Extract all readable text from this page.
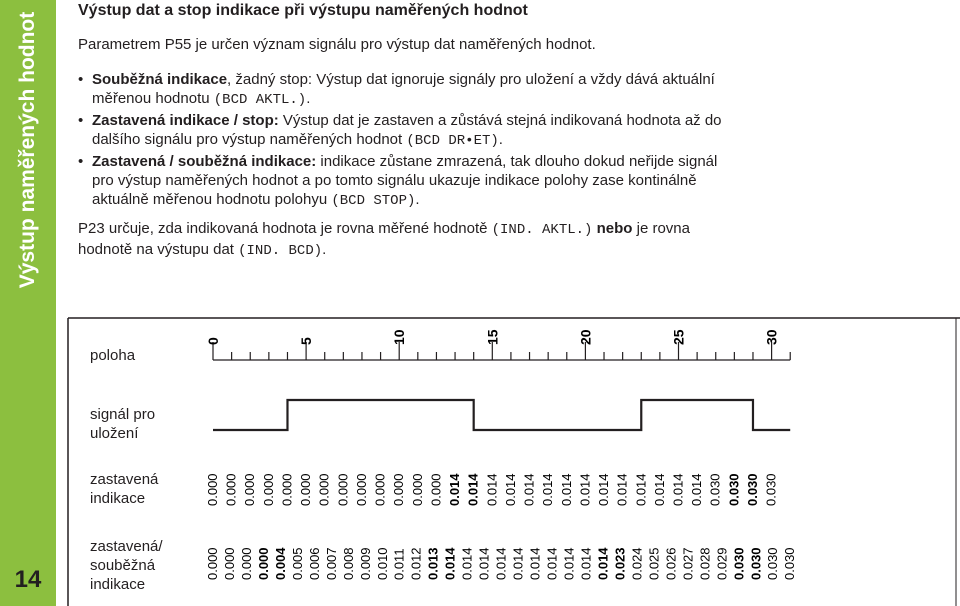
Výstup naměřených hodnot
14
Výstup dat a stop indikace při výstupu naměřených hodnot

Parametrem P55 je určen význam signálu pro výstup dat naměřených hodnot.

• Souběžná indikace, žadný stop: Výstup dat ignoruje signály pro uložení a vždy dává aktuální měřenou hodnotu (BCD AKTL.).
• Zastavená indikace / stop: Výstup dat je zastaven a zůstává stejná indikovaná hodnota až do dalšího signálu pro výstup naměřených hodnot (BCD DR•ET).
• Zastavená / souběžná indikace: indikace zůstane zmrazená, tak dlouho dokud neřijde signál pro výstup naměřených hodnot a po tomto signálu ukazuje indikace polohy zase kontinálně aktuálně měřenou hodnotu polohyu (BCD STOP).

P23 určuje, zda indikovaná hodnota je rovna měřené hodnotě (IND. AKTL.) nebo je rovna hodnotě na výstupu dat (IND. BCD).

poloha
signál pro uložení
zastavená indikace
zastavená/ souběžná indikace
0	5	10	15	20	25	30
0.000 0.000 0.000 0.000 0.000 0.000 0.000 0.000 0.000 0.000 0.000 0.000 0.000 0.014 0.014 0.014 0.014 0.014 0.014 0.014 0.014 0.014 0.014 0.014 0.014 0.014 0.014 0.030 0.030 0.030 0.030
0.000 0.000 0.000 0.000 0.004 0.005 0.006 0.007 0.008 0.009 0.010 0.011 0.012 0.013 0.014 0.014 0.014 0.014 0.014 0.014 0.014 0.014 0.014 0.014 0.023 0.024 0.025 0.026 0.027 0.028 0.029 0.030 0.030 0.030 0.030
